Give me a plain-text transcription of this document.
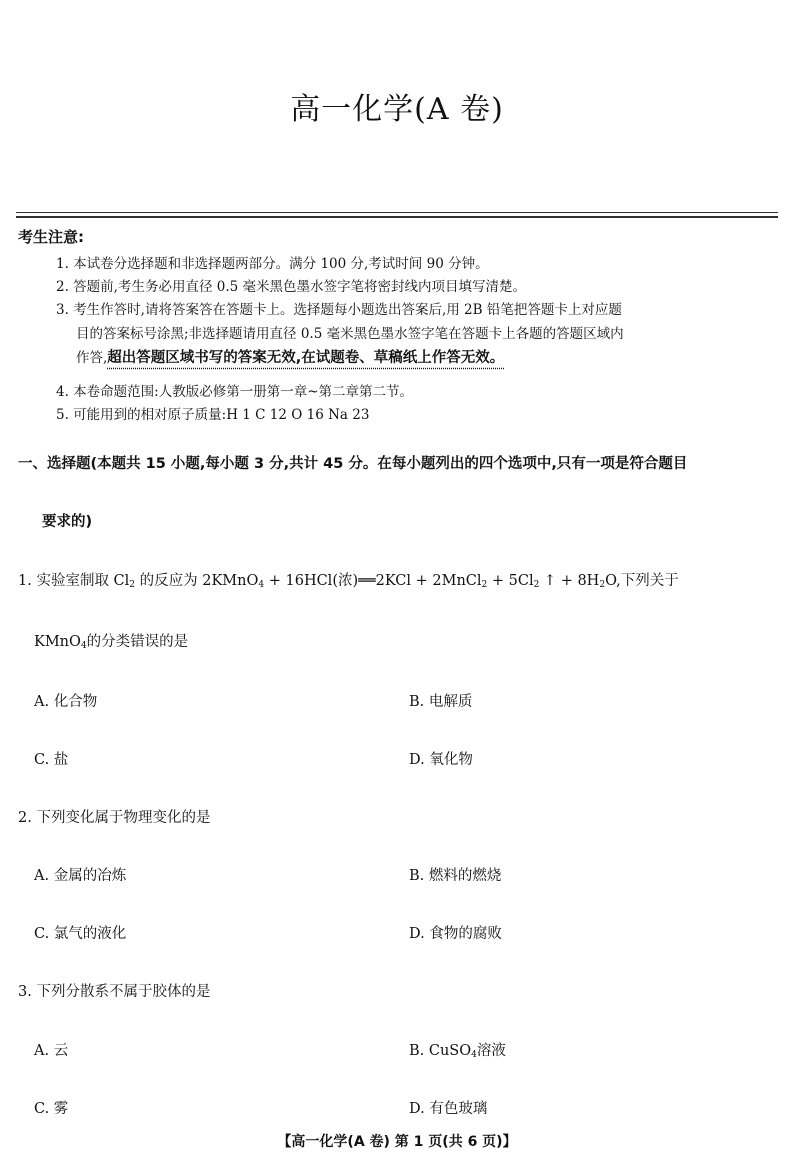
高一化学(A 卷)
考生注意:
1. 本试卷分选择题和非选择题两部分。满分 100 分,考试时间 90 分钟。
2. 答题前,考生务必用直径 0.5 毫米黑色墨水签字笔将密封线内项目填写清楚。
3. 考生作答时,请将答案答在答题卡上。选择题每小题选出答案后,用 2B 铅笔把答题卡上对应题
目的答案标号涂黑;非选择题请用直径 0.5 毫米黑色墨水签字笔在答题卡上各题的答题区域内
作答,超出答题区域书写的答案无效,在试题卷、草稿纸上作答无效。
4. 本卷命题范围:人教版必修第一册第一章~第二章第二节。
5. 可能用到的相对原子质量:H 1 C 12 O 16 Na 23
一、选择题(本题共 15 小题,每小题 3 分,共计 45 分。在每小题列出的四个选项中,只有一项是符合题目
要求的)
1. 实验室制取 $Cl_2$ 的反应为 2KMnO$_4$ + 16HCl(浓)══2KCl + 2MnCl$_2$ + $5Cl_2$ ↑ + $8H_2O$,下列关于
KMnO$_4$的分类错误的是
A. 化合物	B. 电解质
C. 盐	D. 氧化物
2. 下列变化属于物理变化的是
A. 金属的冶炼	B. 燃料的燃烧
C. 氯气的液化	D. 食物的腐败
3. 下列分散系不属于胶体的是
A. 云	B. CuSO$_4$溶液
C. 雾	D. 有色玻璃
【高一化学(A 卷) 第 1 页(共 6 页)】
